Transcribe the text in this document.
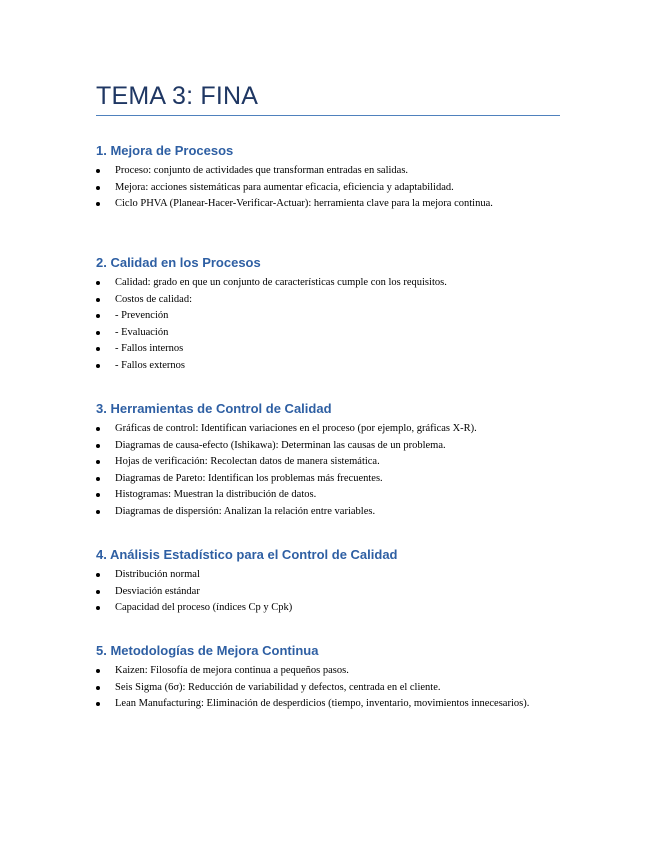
TEMA 3: FINA
1. Mejora de Procesos
Proceso: conjunto de actividades que transforman entradas en salidas.
Mejora: acciones sistemáticas para aumentar eficacia, eficiencia y adaptabilidad.
Ciclo PHVA (Planear-Hacer-Verificar-Actuar): herramienta clave para la mejora continua.
2. Calidad en los Procesos
Calidad: grado en que un conjunto de características cumple con los requisitos.
Costos de calidad:
- Prevención
- Evaluación
- Fallos internos
- Fallos externos
3. Herramientas de Control de Calidad
Gráficas de control: Identifican variaciones en el proceso (por ejemplo, gráficas X-R).
Diagramas de causa-efecto (Ishikawa): Determinan las causas de un problema.
Hojas de verificación: Recolectan datos de manera sistemática.
Diagramas de Pareto: Identifican los problemas más frecuentes.
Histogramas: Muestran la distribución de datos.
Diagramas de dispersión: Analizan la relación entre variables.
4. Análisis Estadístico para el Control de Calidad
Distribución normal
Desviación estándar
Capacidad del proceso (índices Cp y Cpk)
5. Metodologías de Mejora Continua
Kaizen: Filosofía de mejora continua a pequeños pasos.
Seis Sigma (6σ): Reducción de variabilidad y defectos, centrada en el cliente.
Lean Manufacturing: Eliminación de desperdicios (tiempo, inventario, movimientos innecesarios).
